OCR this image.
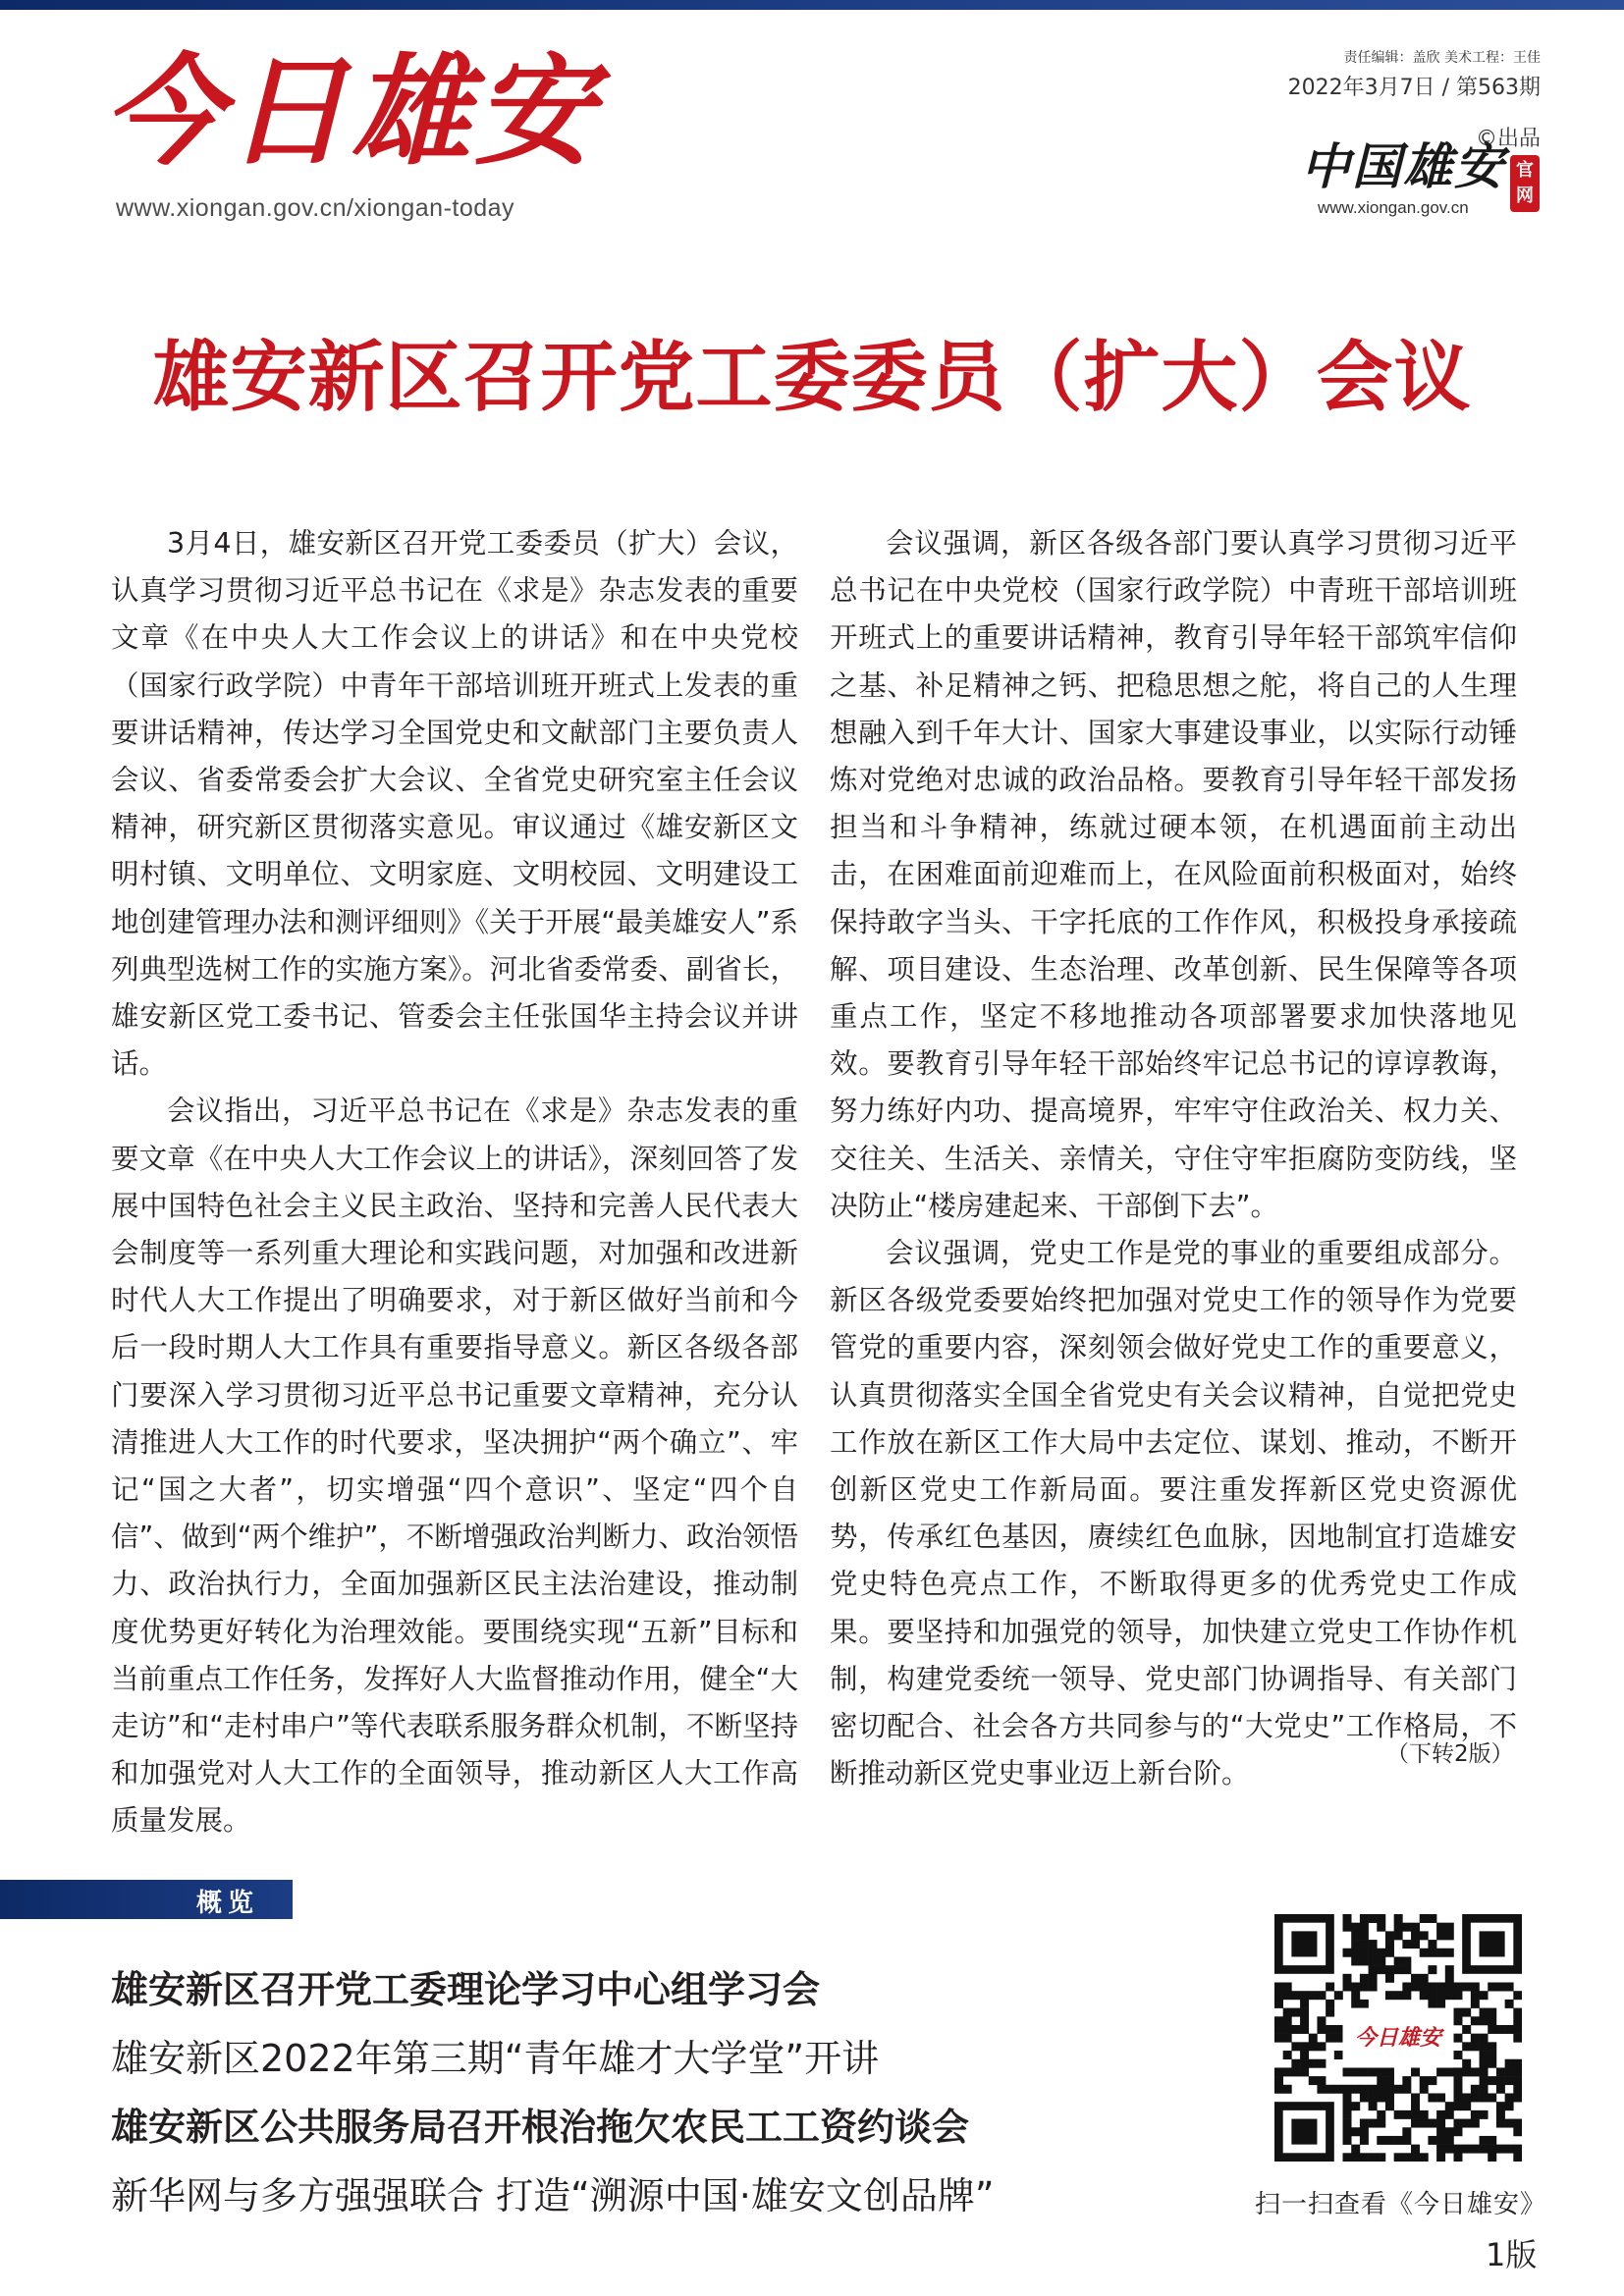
今日雄安
www.xiongan.gov.cn/xiongan-today
责任编辑：盖欣 美术工程：王佳
2022年3月7日 / 第563期
©出品
中国雄安 官网
www.xiongan.gov.cn
雄安新区召开党工委委员（扩大）会议

3月4日，雄安新区召开党工委委员（扩大）会议，认真学习贯彻习近平总书记在《求是》杂志发表的重要文章《在中央人大工作会议上的讲话》和在中央党校（国家行政学院）中青年干部培训班开班式上发表的重要讲话精神，传达学习全国党史和文献部门主要负责人会议、省委常委会扩大会议、全省党史研究室主任会议精神，研究新区贯彻落实意见。审议通过《雄安新区文明村镇、文明单位、文明家庭、文明校园、文明建设工地创建管理办法和测评细则》《关于开展“最美雄安人”系列典型选树工作的实施方案》。河北省委常委、副省长，雄安新区党工委书记、管委会主任张国华主持会议并讲话。

会议指出，习近平总书记在《求是》杂志发表的重要文章《在中央人大工作会议上的讲话》，深刻回答了发展中国特色社会主义民主政治、坚持和完善人民代表大会制度等一系列重大理论和实践问题，对加强和改进新时代人大工作提出了明确要求，对于新区做好当前和今后一段时期人大工作具有重要指导意义。新区各级各部门要深入学习贯彻习近平总书记重要文章精神，充分认清推进人大工作的时代要求，坚决拥护“两个确立”、牢记“国之大者”，切实增强“四个意识”、坚定“四个自信”、做到“两个维护”，不断增强政治判断力、政治领悟力、政治执行力，全面加强新区民主法治建设，推动制度优势更好转化为治理效能。要围绕实现“五新”目标和当前重点工作任务，发挥好人大监督推动作用，健全“大走访”和“走村串户”等代表联系服务群众机制，不断坚持和加强党对人大工作的全面领导，推动新区人大工作高质量发展。

会议强调，新区各级各部门要认真学习贯彻习近平总书记在中央党校（国家行政学院）中青班干部培训班开班式上的重要讲话精神，教育引导年轻干部筑牢信仰之基、补足精神之钙、把稳思想之舵，将自己的人生理想融入到千年大计、国家大事建设事业，以实际行动锤炼对党绝对忠诚的政治品格。要教育引导年轻干部发扬担当和斗争精神，练就过硬本领，在机遇面前主动出击，在困难面前迎难而上，在风险面前积极面对，始终保持敢字当头、干字托底的工作作风，积极投身承接疏解、项目建设、生态治理、改革创新、民生保障等各项重点工作，坚定不移地推动各项部署要求加快落地见效。要教育引导年轻干部始终牢记总书记的谆谆教诲，努力练好内功、提高境界，牢牢守住政治关、权力关、交往关、生活关、亲情关，守住守牢拒腐防变防线，坚决防止“楼房建起来、干部倒下去”。

会议强调，党史工作是党的事业的重要组成部分。新区各级党委要始终把加强对党史工作的领导作为党要管党的重要内容，深刻领会做好党史工作的重要意义，认真贯彻落实全国全省党史有关会议精神，自觉把党史工作放在新区工作大局中去定位、谋划、推动，不断开创新区党史工作新局面。要注重发挥新区党史资源优势，传承红色基因，赓续红色血脉，因地制宜打造雄安党史特色亮点工作，不断取得更多的优秀党史工作成果。要坚持和加强党的领导，加快建立党史工作协作机制，构建党委统一领导、党史部门协调指导、有关部门密切配合、社会各方共同参与的“大党史”工作格局，不断推动新区党史事业迈上新台阶。

（下转2版）
概览
雄安新区召开党工委理论学习中心组学习会
雄安新区2022年第三期“青年雄才大学堂”开讲
雄安新区公共服务局召开根治拖欠农民工工资约谈会
新华网与多方强强联合 打造“溯源中国·雄安文创品牌”
今日雄安
扫一扫查看《今日雄安》
1版
